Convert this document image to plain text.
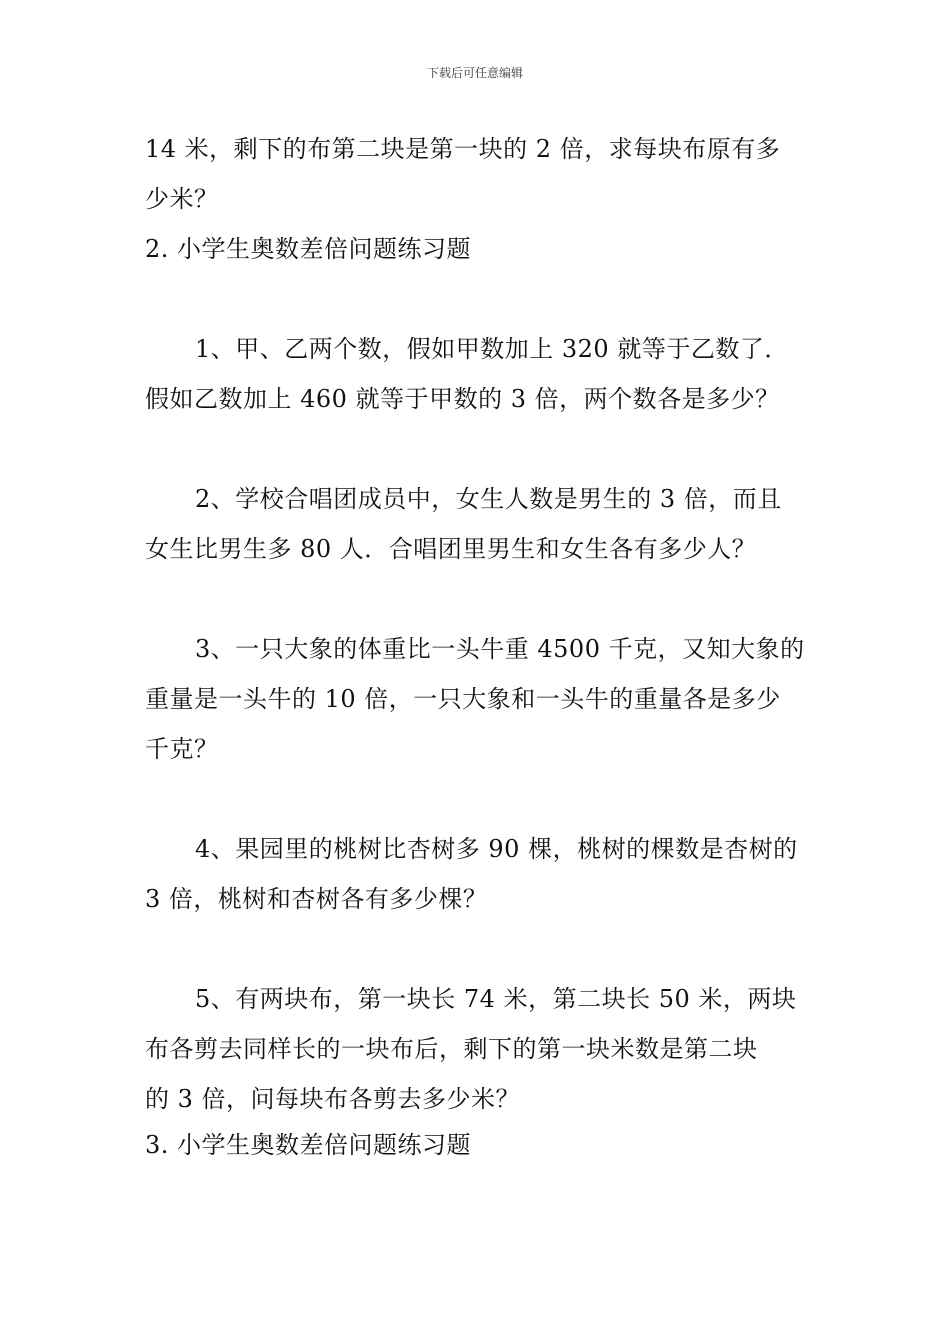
下载后可任意编辑
14 米，剩下的布第二块是第一块的 2 倍，求每块布原有多
少米？
2. 小学生奥数差倍问题练习题
1、甲、乙两个数，假如甲数加上 320 就等于乙数了．
假如乙数加上 460 就等于甲数的 3 倍，两个数各是多少？
2、学校合唱团成员中，女生人数是男生的 3 倍，而且
女生比男生多 80 人．合唱团里男生和女生各有多少人？
3、一只大象的体重比一头牛重 4500 千克，又知大象的
重量是一头牛的 10 倍，一只大象和一头牛的重量各是多少
千克？
4、果园里的桃树比杏树多 90 棵，桃树的棵数是杏树的
3 倍，桃树和杏树各有多少棵？
5、有两块布，第一块长 74 米，第二块长 50 米，两块
布各剪去同样长的一块布后，剩下的第一块米数是第二块
的 3 倍，问每块布各剪去多少米？
3. 小学生奥数差倍问题练习题
